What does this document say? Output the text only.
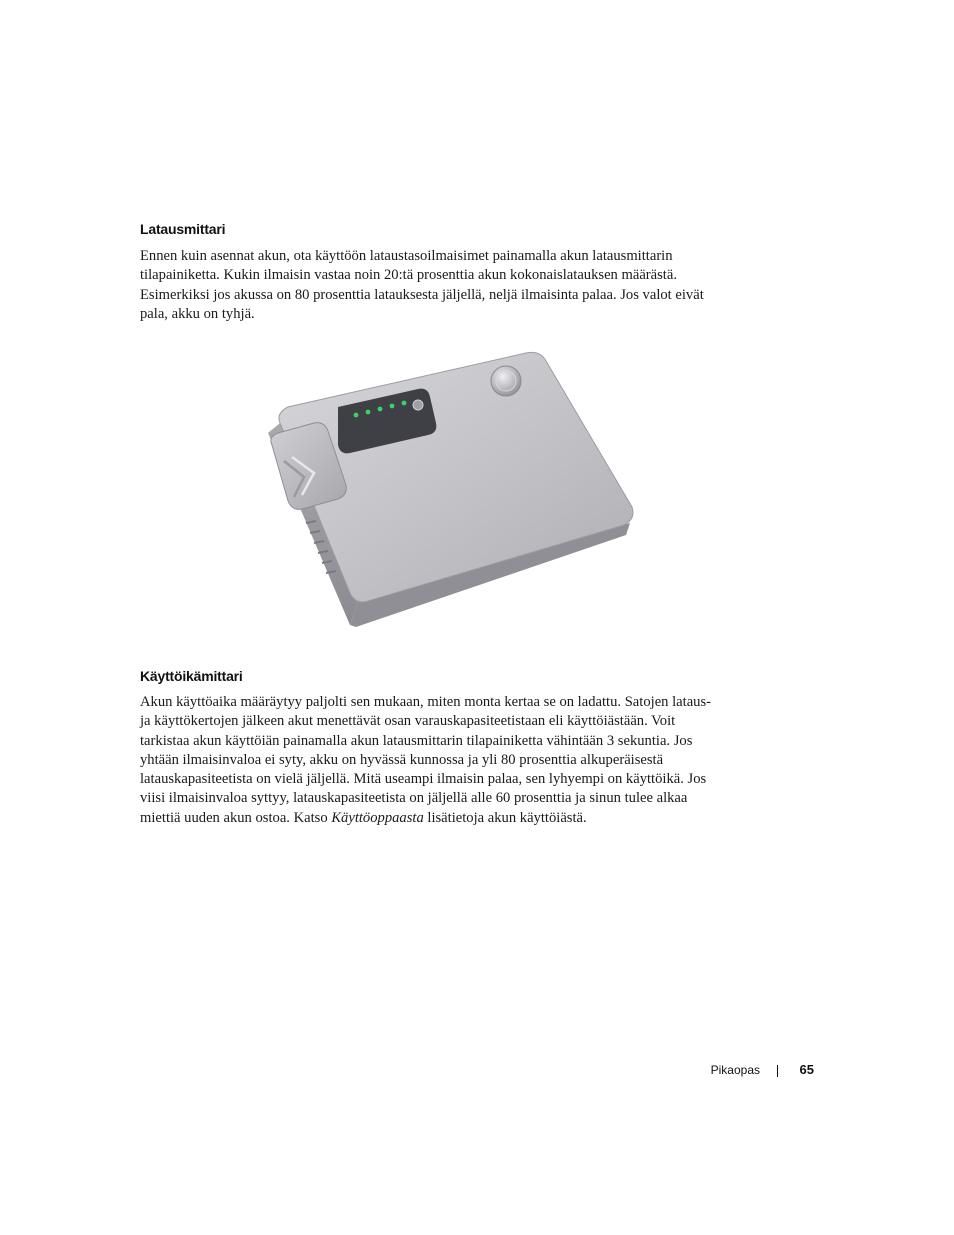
Latausmittari

Ennen kuin asennat akun, ota käyttöön lataustasoilmaisimet painamalla akun latausmittarin
tilapainiketta. Kukin ilmaisin vastaa noin 20:tä prosenttia akun kokonaislatauksen määrästä.
Esimerkiksi jos akussa on 80 prosenttia latauksesta jäljellä, neljä ilmaisinta palaa. Jos valot eivät
pala, akku on tyhjä.

Käyttöikämittari

Akun käyttöaika määräytyy paljolti sen mukaan, miten monta kertaa se on ladattu. Satojen lataus-
ja käyttökertojen jälkeen akut menettävät osan varauskapasiteetistaan eli käyttöiästään. Voit
tarkistaa akun käyttöiän painamalla akun latausmittarin tilapainiketta vähintään 3 sekuntia. Jos
yhtään ilmaisinvaloa ei syty, akku on hyvässä kunnossa ja yli 80 prosenttia alkuperäisestä
latauskapasiteetista on vielä jäljellä. Mitä useampi ilmaisin palaa, sen lyhyempi on käyttöikä. Jos
viisi ilmaisinvaloa syttyy, latauskapasiteetista on jäljellä alle 60 prosenttia ja sinun tulee alkaa
miettiä uuden akun ostoa. Katso Käyttöoppaasta lisätietoja akun käyttöiästä.

Pikaopas	65
